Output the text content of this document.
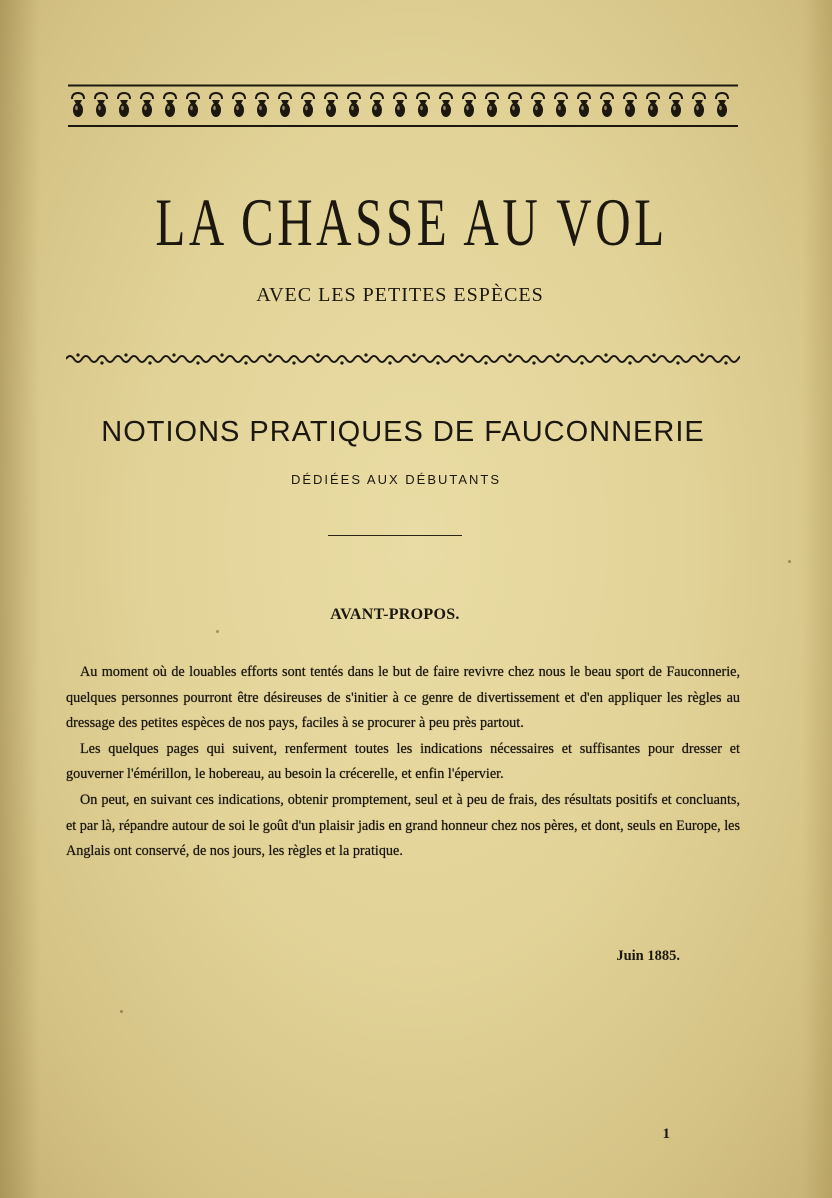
LA CHASSE AU VOL
AVEC LES PETITES ESPÈCES
NOTIONS PRATIQUES DE FAUCONNERIE
DÉDIÉES AUX DÉBUTANTS
AVANT-PROPOS.

Au moment où de louables efforts sont tentés dans le but de faire revivre chez nous le beau sport de Fauconnerie, quelques personnes pourront être désireuses de s'initier à ce genre de divertissement et d'en appliquer les règles au dressage des petites espèces de nos pays, faciles à se procurer à peu près partout.

Les quelques pages qui suivent, renferment toutes les indications nécessaires et suffisantes pour dresser et gouverner l'émérillon, le hobereau, au besoin la crécerelle, et enfin l'épervier.

On peut, en suivant ces indications, obtenir promptement, seul et à peu de frais, des résultats positifs et concluants, et par là, répandre autour de soi le goût d'un plaisir jadis en grand honneur chez nos pères, et dont, seuls en Europe, les Anglais ont conservé, de nos jours, les règles et la pratique.

Juin 1885.
1
